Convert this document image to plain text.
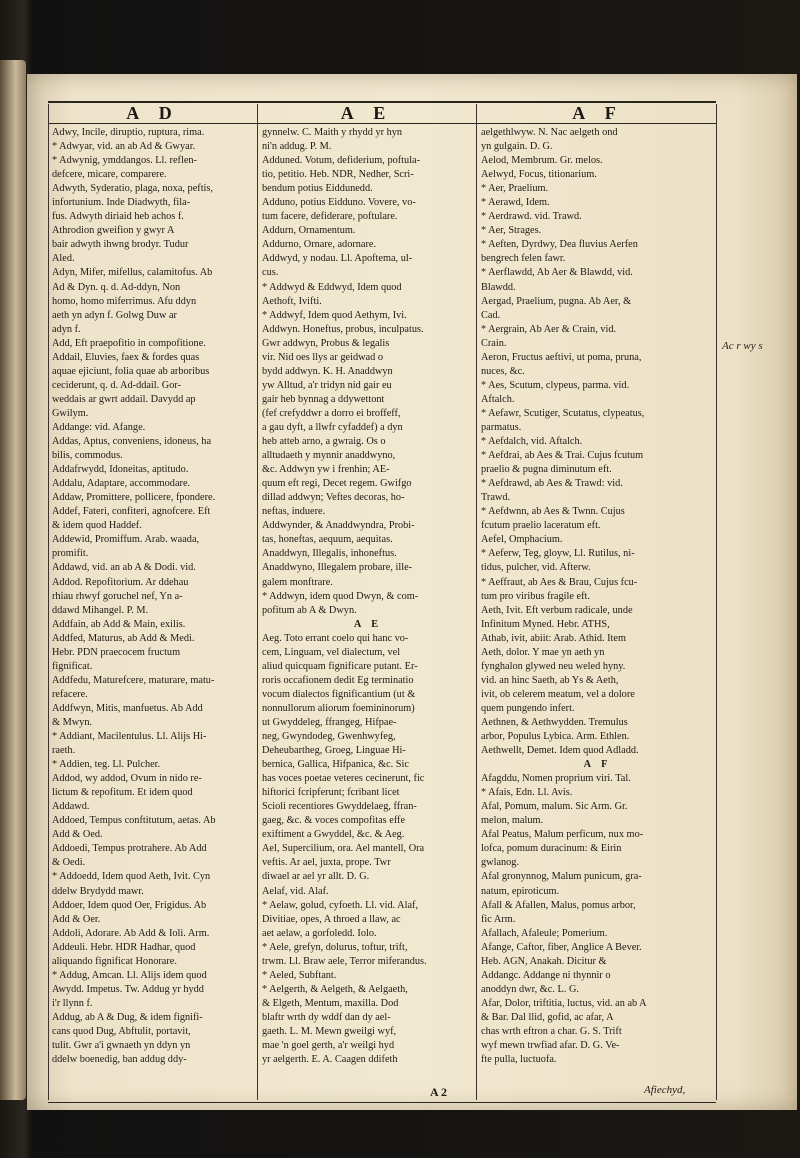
A D	A E	A F

Adwy, Incile, diruptio, ruptura, rima.

* Adwyar, vid. an ab Ad & Gwyar.

* Adwynig, ymddangos. Ll. reflen-

defcere, micare, comparere.

Adwyth, Syderatio, plaga, noxa, peftis,

infortunium. Inde Diadwyth, fila-

fus. Adwyth diriaid heb achos f.

Athrodion gweifion y gwyr A

bair adwyth ihwng brodyr. Tudur

Aled.

Adyn, Mifer, mifellus, calamitofus. Ab

Ad & Dyn. q. d. Ad-ddyn, Non

homo, homo miferrimus. Afu ddyn

aeth yn adyn f. Golwg Duw ar

adyn f.

Add, Eft praepofitio in compofitione.

Addail, Eluvies, faex & fordes quas

aquae ejiciunt, folia quae ab arboribus

ceciderunt, q. d. Ad-ddail. Gor-

weddais ar gwrt addail. Davydd ap

Gwilym.

Addange: vid. Afange.

Addas, Aptus, conveniens, idoneus, ha

bilis, commodus.

Addafrwydd, Idoneitas, aptitudo.

Addalu, Adaptare, accommodare.

Addaw, Promittere, pollicere, fpondere.

Addef, Fateri, confiteri, agnofcere. Eft

& idem quod Haddef.

Addewid, Promiffum. Arab. waada,

promifit.

Addawd, vid. an ab A & Dodi. vid.

Addod. Repofitorium. Ar ddehau

rhiau rhwyf goruchel nef, Yn a-

ddawd Mihangel. P. M.

Addfain, ab Add & Main, exilis.

Addfed, Maturus, ab Add & Medi.

Hebr. PDN praecocem fructum

fignificat.

Addfedu, Maturefcere, maturare, matu-

refacere.

Addfwyn, Mitis, manfuetus. Ab Add

& Mwyn.

* Addiant, Macilentulus. Ll. Alijs Hi-

raeth.

* Addien, teg. Ll. Pulcher.

Addod, wy addod, Ovum in nido re-

lictum & repofitum. Et idem quod

Addawd.

Addoed, Tempus conftitutum, aetas. Ab

Add & Oed.

Addoedi, Tempus protrahere. Ab Add

& Oedi.

* Addoedd, Idem quod Aeth, Ivit. Cyn

ddelw Brydydd mawr.

Addoer, Idem quod Oer, Frigidus. Ab

Add & Oer.

Addoli, Adorare. Ab Add & Ioli. Arm.

Addeuli. Hebr. HDR Hadhar, quod

aliquando fignificat Honorare.

* Addug, Amcan. Ll. Alijs idem quod

Awydd. Impetus. Tw. Addug yr hydd

i'r llynn f.

Addug, ab A & Dug, & idem fignifi-

cans quod Dug, Abftulit, portavit,

tulit. Gwr a'i gwnaeth yn ddyn yn

ddelw boenedig, ban addug ddy-

gynnelw. C. Maith y rhydd yr hyn

ni'n addug. P. M.

Adduned. Votum, defiderium, poftula-

tio, petitio. Heb. NDR, Nedher, Scri-

bendum potius Eiddunedd.

Adduno, potius Eidduno. Vovere, vo-

tum facere, defiderare, poftulare.

Addurn, Ornamentum.

Addurno, Ornare, adornare.

Addwyd, y nodau. Ll. Apoftema, ul-

cus.

* Addwyd & Eddwyd, Idem quod

Aethoft, Ivifti.

* Addwyf, Idem quod Aethym, Ivi.

Addwyn. Honeftus, probus, inculpatus.

Gwr addwyn, Probus & legalis

vir. Nid oes llys ar geidwad o

bydd addwyn. K. H. Anaddwyn

yw Alltud, a'r tridyn nid gair eu

gair heb bynnag a ddywettont

(fef crefyddwr a dorro ei broffeff,

a gau dyft, a llwfr cyfaddef) a dyn

heb atteb arno, a gwraig. Os o

alltudaeth y mynnir anaddwyno,

&c. Addwyn yw i frenhin; AE-

quum eft regi, Decet regem. Gwifgo

dillad addwyn; Veftes decoras, ho-

neftas, induere.

Addwynder, & Anaddwyndra, Probi-

tas, honeftas, aequum, aequitas.

Anaddwyn, Illegalis, inhoneftus.

Anaddwyno, Illegalem probare, ille-

galem monftrare.

* Addwyn, idem quod Dwyn, & com-

pofitum ab A & Dwyn.

A E

Aeg. Toto errant coelo qui hanc vo-

cem, Linguam, vel dialectum, vel

aliud quicquam fignificare putant. Er-

roris occafionem dedit Eg terminatio

vocum dialectos fignificantium (ut &

nonnullorum aliorum foemininorum)

ut Gwyddeleg, ffrangeg, Hifpae-

neg, Gwyndodeg, Gwenhwyfeg,

Deheubartheg, Groeg, Linguae Hi-

bernica, Gallica, Hifpanica, &c. Sic

has voces poetae veteres cecinerunt, fic

hiftorici fcripferunt; fcribant licet

Scioli recentiores Gwyddelaeg, ffran-

gaeg, &c. & voces compofitas effe

exiftiment a Gwyddel, &c. & Aeg.

Ael, Supercilium, ora. Ael mantell, Ora

veftis. Ar ael, juxta, prope. Twr

diwael ar ael yr allt. D. G.

Aelaf, vid. Alaf.

* Aelaw, golud, cyfoeth. Ll. vid. Alaf,

Divitiae, opes, A throed a llaw, ac

aet aelaw, a gorfoledd. Iolo.

* Aele, grefyn, dolurus, toftur, trift,

trwm. Ll. Braw aele, Terror miferandus.

* Aeled, Subftant.

* Aelgerth, & Aelgeth, & Aelgaeth,

& Elgeth, Mentum, maxilla. Dod

blaftr wrth dy wddf dan dy ael-

gaeth. L. M. Mewn gweilgi wyf,

mae 'n goel gerth, a'r weilgi hyd

yr aelgerth. E. A. Caagen ddifeth

aelgethlwyw. N. Nac aelgeth ond

yn gulgain. D. G.

Aelod, Membrum. Gr. melos.

Aelwyd, Focus, titionarium.

* Aer, Praelium.

* Aerawd, Idem.

* Aerdrawd. vid. Trawd.

* Aer, Strages.

* Aeften, Dyrdwy, Dea fluvius Aerfen

bengrech felen fawr.

* Aerflawdd, Ab Aer & Blawdd, vid.

Blawdd.

Aergad, Praelium, pugna. Ab Aer, &

Cad.

* Aergrain, Ab Aer & Crain, vid.

Crain.

Aeron, Fructus aeftivi, ut poma, pruna,

nuces, &c.

* Aes, Scutum, clypeus, parma. vid.

Aftalch.

* Aefawr, Scutiger, Scutatus, clypeatus,

parmatus.

* Aefdalch, vid. Aftalch.

* Aefdrai, ab Aes & Trai. Cujus fcutum

praelio & pugna diminutum eft.

* Aefdrawd, ab Aes & Trawd: vid.

Trawd.

* Aefdwnn, ab Aes & Twnn. Cujus

fcutum praelio laceratum eft.

Aefel, Omphacium.

* Aeferw, Teg, gloyw, Ll. Rutilus, ni-

tidus, pulcher, vid. Afterw.

* Aeffraut, ab Aes & Brau, Cujus fcu-

tum pro viribus fragile eft.

Aeth, Ivit. Eft verbum radicale, unde

Infinitum Myned. Hebr. ATHS,

Athab, ivit, abiit: Arab. Athid. Item

Aeth, dolor. Y mae yn aeth yn

fynghalon glywed neu weled hyny.

vid. an hinc Saeth, ab Ys & Aeth,

ivit, ob celerem meatum, vel a dolore

quem pungendo infert.

Aethnen, & Aethwydden. Tremulus

arbor, Populus Lybica. Arm. Ethlen.

Aethwellt, Demet. Idem quod Adladd.

A F

Afagddu, Nomen proprium viri. Tal.

* Afais, Edn. Ll. Avis.

Afal, Pomum, malum. Sic Arm. Gr.

melon, malum.

Afal Peatus, Malum perficum, nux mo-

lofca, pomum duracinum: & Eirin

gwlanog.

Afal gronynnog, Malum punicum, gra-

natum, epiroticum.

Afall & Afallen, Malus, pomus arbor,

fic Arm.

Afallach, Afaleule; Pomerium.

Afange, Caftor, fiber, Anglice A Bever.

Heb. AGN, Anakah. Dicitur &

Addangc. Addange ni thynnir o

anoddyn dwr, &c. L. G.

Afar, Dolor, triftitia, luctus, vid. an ab A

& Bar. Dal llid, gofid, ac afar, A

chas wrth eftron a char. G. S. Trift

wyf mewn trwfiad afar. D. G. Ve-

fte pulla, luctuofa.

Ac r wy s
A 2	Afiechyd,
